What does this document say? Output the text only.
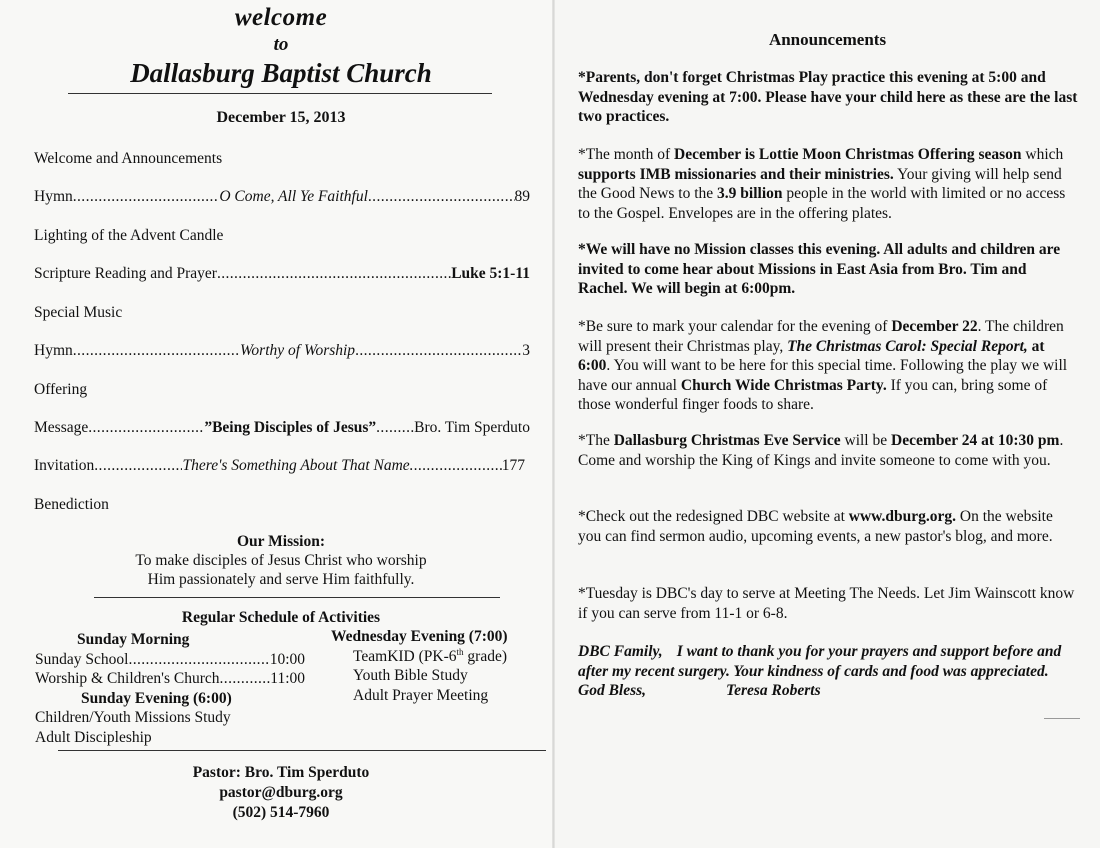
welcome
to
Dallasburg Baptist Church
December 15, 2013
Welcome and Announcements
Hymn .....	O Come, All Ye Faithful .....	89
Lighting of the Advent Candle
Scripture Reading and Prayer .....	Luke 5:1-11
Special Music
Hymn .....	Worthy of Worship .....	3
Offering
Message .....	”Being Disciples of Jesus” ..... Bro. Tim Sperduto
Invitation .....	There's Something About That Name. .....	177
Benediction
Our Mission:
To make disciples of Jesus Christ who worship
Him passionately and serve Him faithfully.
Regular Schedule of Activities
Sunday Morning
Sunday School .....	10:00
Worship & Children's Church .....	11:00
Sunday Evening (6:00)
Children/Youth Missions Study
Adult Discipleship
Wednesday Evening (7:00)
TeamKID (PK-6th grade)
Youth Bible Study
Adult Prayer Meeting
Pastor: Bro. Tim Sperduto
pastor@dburg.org
(502) 514-7960
Announcements

*Parents, don't forget Christmas Play practice this evening at 5:00 and Wednesday evening at 7:00. Please have your child here as these are the last two practices.

*The month of December is Lottie Moon Christmas Offering season which supports IMB missionaries and their ministries. Your giving will help send the Good News to the 3.9 billion people in the world with limited or no access to the Gospel. Envelopes are in the offering plates.

*We will have no Mission classes this evening. All adults and children are invited to come hear about Missions in East Asia from Bro. Tim and Rachel. We will begin at 6:00pm.

*Be sure to mark your calendar for the evening of December 22. The children will present their Christmas play, The Christmas Carol: Special Report, at 6:00. You will want to be here for this special time. Following the play we will have our annual Church Wide Christmas Party. If you can, bring some of those wonderful finger foods to share.

*The Dallasburg Christmas Eve Service will be December 24 at 10:30 pm. Come and worship the King of Kings and invite someone to come with you.

*Check out the redesigned DBC website at www.dburg.org. On the website you can find sermon audio, upcoming events, a new pastor's blog, and more.

*Tuesday is DBC's day to serve at Meeting The Needs. Let Jim Wainscott know if you can serve from 11-1 or 6-8.

DBC Family, I want to thank you for your prayers and support before and after my recent surgery. Your kindness of cards and food was appreciated.God Bless,	Teresa Roberts
